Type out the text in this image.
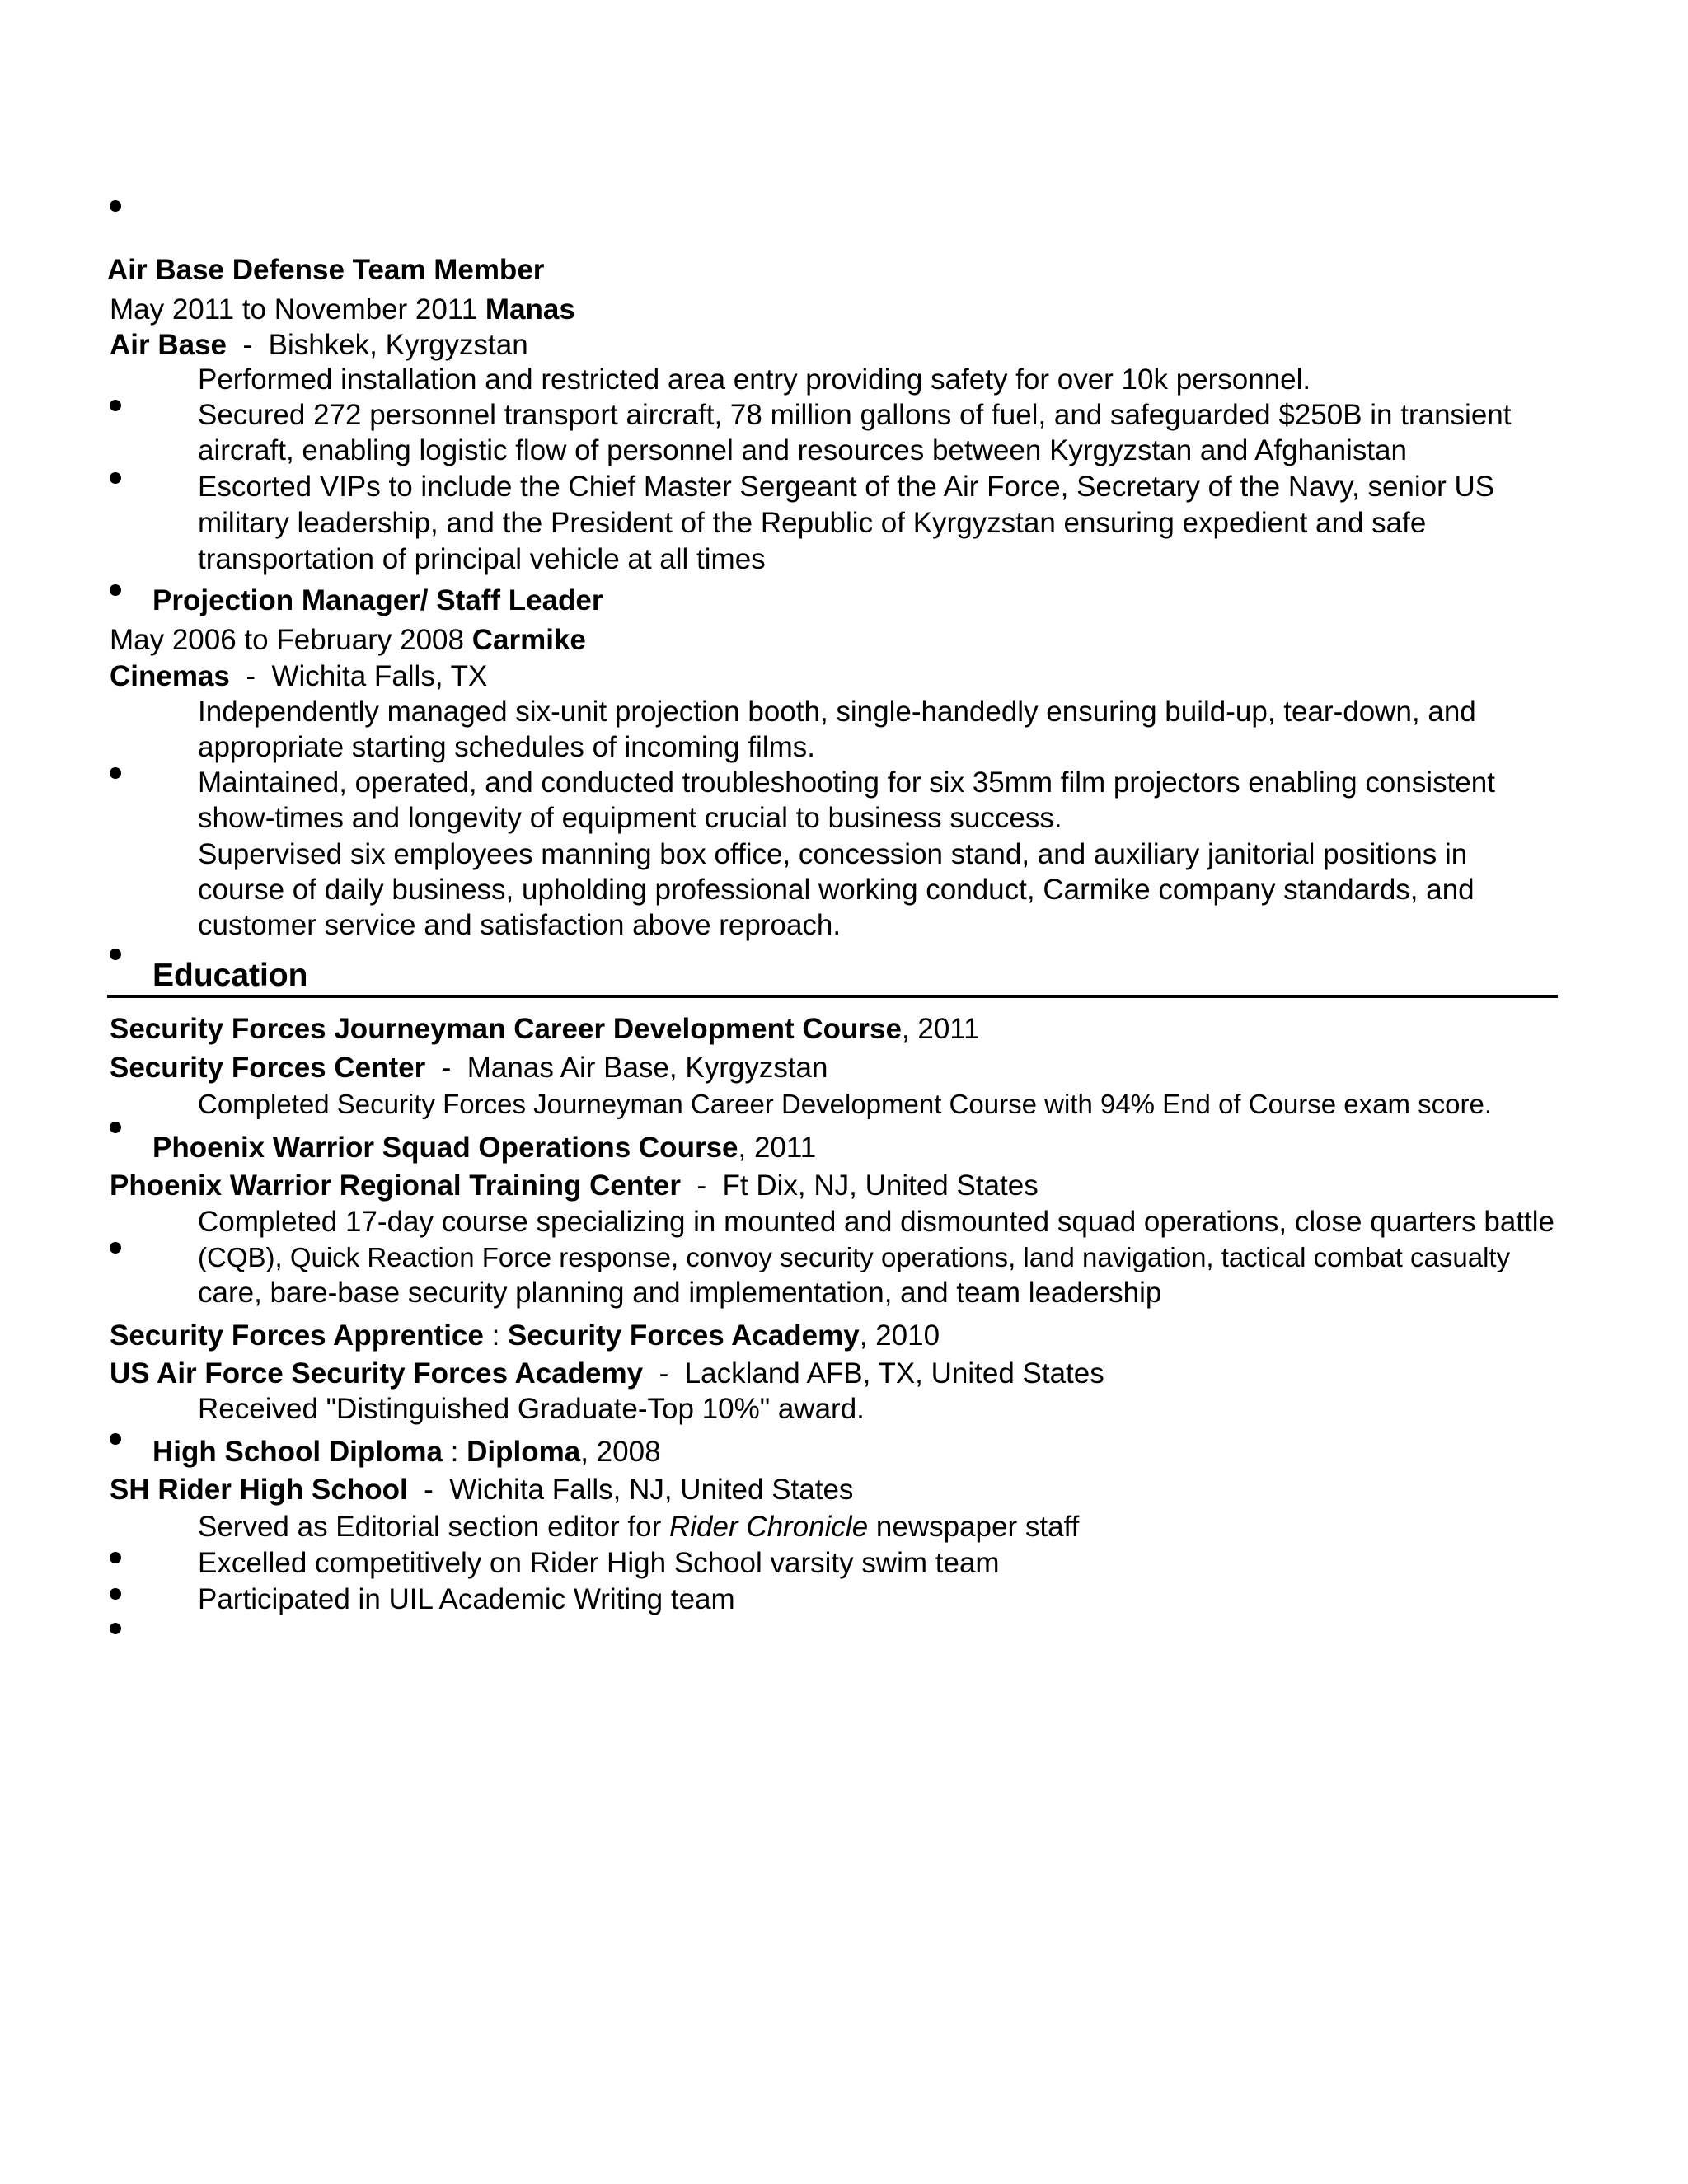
Air Base Defense Team Member
May 2011 to November 2011 Manas
Air Base - Bishkek, Kyrgyzstan
Performed installation and restricted area entry providing safety for over 10k personnel.
Secured 272 personnel transport aircraft, 78 million gallons of fuel, and safeguarded $250B in transient
aircraft, enabling logistic flow of personnel and resources between Kyrgyzstan and Afghanistan
Escorted VIPs to include the Chief Master Sergeant of the Air Force, Secretary of the Navy, senior US
military leadership, and the President of the Republic of Kyrgyzstan ensuring expedient and safe
transportation of principal vehicle at all times
Projection Manager/ Staff Leader
May 2006 to February 2008 Carmike
Cinemas - Wichita Falls, TX
Independently managed six-unit projection booth, single-handedly ensuring build-up, tear-down, and
appropriate starting schedules of incoming films.
Maintained, operated, and conducted troubleshooting for six 35mm film projectors enabling consistent
show-times and longevity of equipment crucial to business success.
Supervised six employees manning box office, concession stand, and auxiliary janitorial positions in
course of daily business, upholding professional working conduct, Carmike company standards, and
customer service and satisfaction above reproach.
Education
Security Forces Journeyman Career Development Course, 2011
Security Forces Center - Manas Air Base, Kyrgyzstan
Completed Security Forces Journeyman Career Development Course with 94% End of Course exam score.
Phoenix Warrior Squad Operations Course, 2011
Phoenix Warrior Regional Training Center - Ft Dix, NJ, United States
Completed 17-day course specializing in mounted and dismounted squad operations, close quarters battle
(CQB), Quick Reaction Force response, convoy security operations, land navigation, tactical combat casualty
care, bare-base security planning and implementation, and team leadership
Security Forces Apprentice : Security Forces Academy, 2010
US Air Force Security Forces Academy - Lackland AFB, TX, United States
Received "Distinguished Graduate-Top 10%" award.
High School Diploma : Diploma, 2008
SH Rider High School - Wichita Falls, NJ, United States
Served as Editorial section editor for Rider Chronicle newspaper staff
Excelled competitively on Rider High School varsity swim team
Participated in UIL Academic Writing team
